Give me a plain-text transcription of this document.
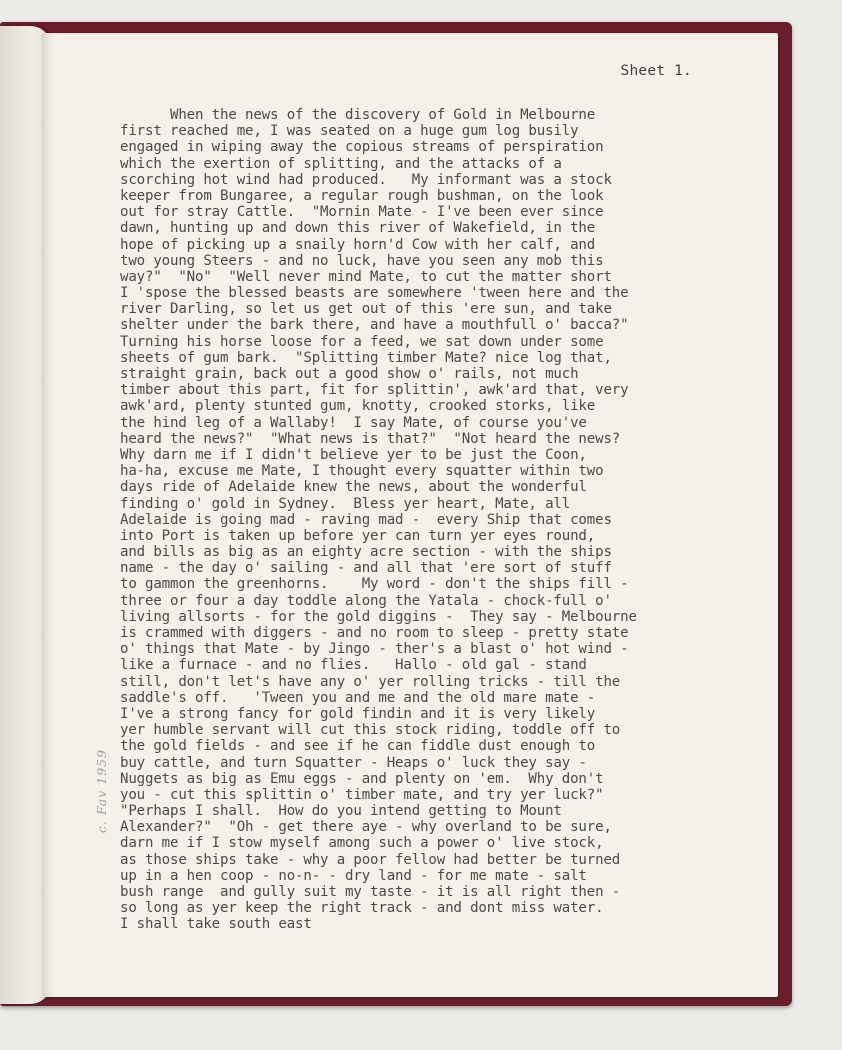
Sheet 1.
When the news of the discovery of Gold in Melbourne
first reached me, I was seated on a huge gum log busily
engaged in wiping away the copious streams of perspiration
which the exertion of splitting, and the attacks of a
scorching hot wind had produced.   My informant was a stock
keeper from Bungaree, a regular rough bushman, on the look
out for stray Cattle.  "Mornin Mate - I've been ever since
dawn, hunting up and down this river of Wakefield, in the
hope of picking up a snaily horn'd Cow with her calf, and
two young Steers - and no luck, have you seen any mob this
way?"  "No"  "Well never mind Mate, to cut the matter short
I 'spose the blessed beasts are somewhere 'tween here and the
river Darling, so let us get out of this 'ere sun, and take
shelter under the bark there, and have a mouthfull o' bacca?"
Turning his horse loose for a feed, we sat down under some
sheets of gum bark.  "Splitting timber Mate? nice log that,
straight grain, back out a good show o' rails, not much
timber about this part, fit for splittin', awk'ard that, very
awk'ard, plenty stunted gum, knotty, crooked storks, like
the hind leg of a Wallaby!  I say Mate, of course you've
heard the news?"  "What news is that?"  "Not heard the news?
Why darn me if I didn't believe yer to be just the Coon,
ha-ha, excuse me Mate, I thought every squatter within two
days ride of Adelaide knew the news, about the wonderful
finding o' gold in Sydney.  Bless yer heart, Mate, all
Adelaide is going mad - raving mad -  every Ship that comes
into Port is taken up before yer can turn yer eyes round,
and bills as big as an eighty acre section - with the ships
name - the day o' sailing - and all that 'ere sort of stuff
to gammon the greenhorns.    My word - don't the ships fill -
three or four a day toddle along the Yatala - chock-full o'
living allsorts - for the gold diggins -  They say - Melbourne
is crammed with diggers - and no room to sleep - pretty state
o' things that Mate - by Jingo - ther's a blast o' hot wind -
like a furnace - and no flies.   Hallo - old gal - stand
still, don't let's have any o' yer rolling tricks - till the
saddle's off.   'Tween you and me and the old mare mate -
I've a strong fancy for gold findin and it is very likely
yer humble servant will cut this stock riding, toddle off to
the gold fields - and see if he can fiddle dust enough to
buy cattle, and turn Squatter - Heaps o' luck they say -
Nuggets as big as Emu eggs - and plenty on 'em.  Why don't
you - cut this splittin o' timber mate, and try yer luck?"
"Perhaps I shall.  How do you intend getting to Mount
Alexander?"  "Oh - get there aye - why overland to be sure,
darn me if I stow myself among such a power o' live stock,
as those ships take - why a poor fellow had better be turned
up in a hen coop - no-n- - dry land - for me mate - salt
bush range  and gully suit my taste - it is all right then -
so long as yer keep the right track - and dont miss water.
I shall take south east
c. Fav 1959
